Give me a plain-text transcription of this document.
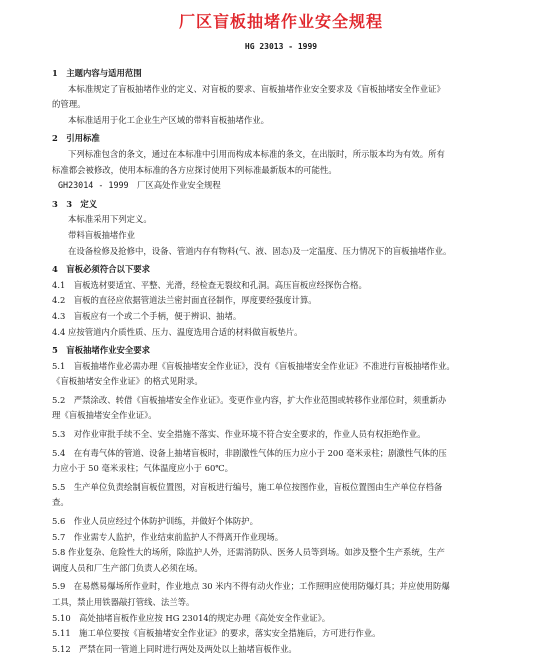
厂区盲板抽堵作业安全规程
HG 23013 - 1999
1　主题内容与适用范围
本标准规定了盲板抽堵作业的定义、对盲板的要求、盲板抽堵作业安全要求及《盲板抽堵安全作业证》
的管理。
本标准适用于化工企业生产区域的带料盲板抽堵作业。
2　引用标准
下列标准包含的条文，通过在本标准中引用而构成本标准的条文，在出版时，所示版本均为有效。所有
标准都会被修改，使用本标准的各方应探讨使用下列标准最新版本的可能性。
GH23014 - 1999　厂区高处作业安全规程
3　3　定义
本标准采用下列定义。
带料盲板抽堵作业
在设备检修及抢修中，设备、管道内存有物料(气、液、固态)及一定温度、压力情况下的盲板抽堵作业。
4　盲板必须符合以下要求
4.1　盲板选材要适宜、平整、光滑，经检查无裂纹和孔洞。高压盲板应经探伤合格。
4.2　盲板的直径应依据管道法兰密封面直径制作，厚度要经强度计算。
4.3　盲板应有一个或二个手柄，便于辨识、抽堵。
4.4 应按管道内介质性质、压力、温度选用合适的材料做盲板垫片。
5　盲板抽堵作业安全要求
5.1　盲板抽堵作业必需办理《盲板抽堵安全作业证》，没有《盲板抽堵安全作业证》不准进行盲板抽堵作业。
《盲板抽堵安全作业证》的格式见附录。
5.2　严禁涂改、转借《盲板抽堵安全作业证》。变更作业内容，扩大作业范围或转移作业部位时，须重新办
理《盲板抽堵安全作业证》。
5.3　对作业审批手续不全、安全措施不落实、作业环境不符合安全要求的，作业人员有权拒绝作业。
5.4　在有毒气体的管道、设备上抽堵盲板时，非剧激性气体的压力应小于 200 毫米汞柱；剧激性气体的压
力应小于 50 毫米汞柱；气体温度应小于 60℃。
5.5　生产单位负责绘制盲板位置图，对盲板进行编号，施工单位按图作业，盲板位置图由生产单位存档备
查。
5.6　作业人员应经过个体防护训练，并做好个体防护。
5.7　作业需专人监护，作业结束前监护人不得离开作业现场。
5.8 作业复杂、危险性大的场所，除监护人外，还需消防队、医务人员等到场。如涉及整个生产系统，生产
调度人员和厂生产部门负责人必须在场。
5.9　在易燃易爆场所作业时，作业地点 30 米内不得有动火作业；工作照明应使用防爆灯具；并应使用防爆
工具，禁止用铁器敲打管线、法兰等。
5.10　高处抽堵盲板作业应按 HG 23014的规定办理《高处安全作业证》。
5.11　施工单位要按《盲板抽堵安全作业证》的要求，落实安全措施后，方可进行作业。
5.12　严禁在同一管道上同时进行两处及两处以上抽堵盲板作业。
